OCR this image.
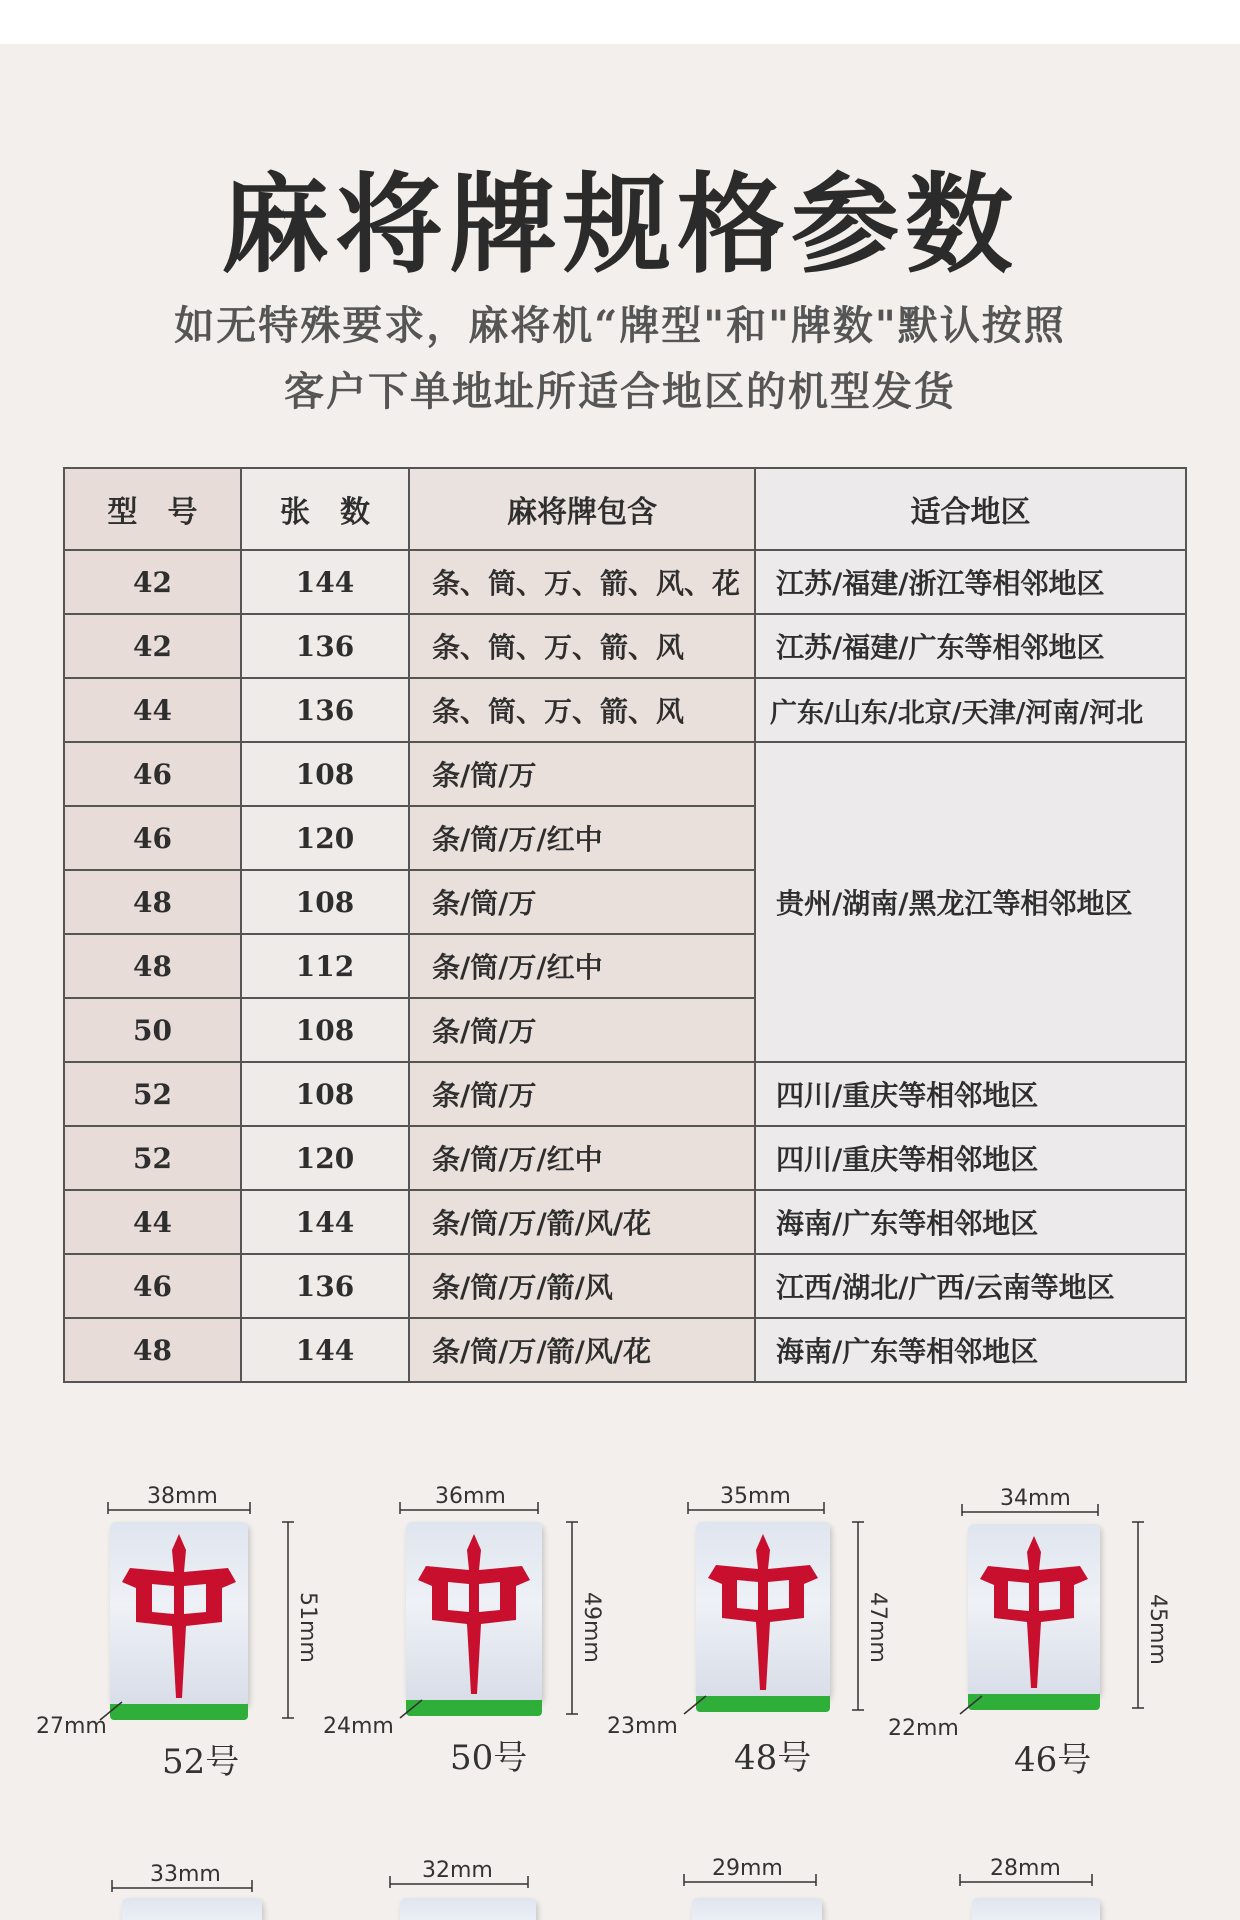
麻将牌规格参数
如无特殊要求，麻将机“牌型"和"牌数"默认按照
客户下单地址所适合地区的机型发货
型　号	张　数	麻将牌包含	适合地区
42	144	条、筒、万、箭、风、花	江苏/福建/浙江等相邻地区
42	136	条、筒、万、箭、风	江苏/福建/广东等相邻地区
44	136	条、筒、万、箭、风	广东/山东/北京/天津/河南/河北
46	108	条/筒/万	贵州/湖南/黑龙江等相邻地区
46	120	条/筒/万/红中	
48	108	条/筒/万	
48	112	条/筒/万/红中	
50	108	条/筒/万	
52	108	条/筒/万	四川/重庆等相邻地区
52	120	条/筒/万/红中	四川/重庆等相邻地区
44	144	条/筒/万/箭/风/花	海南/广东等相邻地区
46	136	条/筒/万/箭/风	江西/湖北/广西/云南等地区
48	144	条/筒/万/箭/风/花	海南/广东等相邻地区
38mm
51mm
27mm
52号
36mm
49mm
24mm
50号
35mm
47mm
23mm
48号
34mm
45mm
22mm
46号
33mm	32mm	29mm	28mm
